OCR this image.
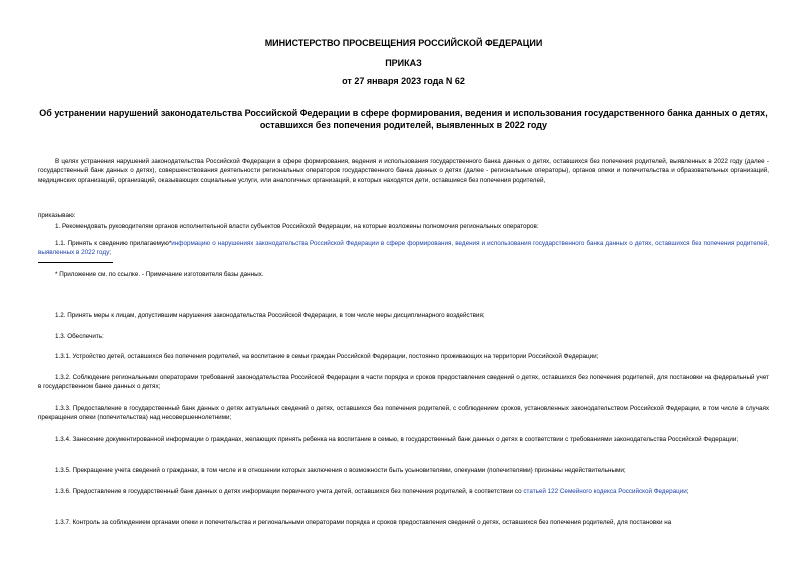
МИНИСТЕРСТВО ПРОСВЕЩЕНИЯ РОССИЙСКОЙ ФЕДЕРАЦИИ
ПРИКАЗ
от 27 января 2023 года N 62
Об устранении нарушений законодательства Российской Федерации в сфере формирования, ведения и использования государственного банка данных о детях, оставшихся без попечения родителей, выявленных в 2022 году
В целях устранения нарушений законодательства Российской Федерации в сфере формирования, ведения и использования государственного банка данных о детях, оставшихся без попечения родителей, выявленных в 2022 году (далее - государственный банк данных о детях), совершенствования деятельности региональных операторов государственного банка данных о детях (далее - региональные операторы), органов опеки и попечительства и образовательных организаций, медицинских организаций, организаций, оказывающих социальные услуги, или аналогичных организаций, в которых находятся дети, оставшиеся без попечения родителей,
приказываю:
1. Рекомендовать руководителям органов исполнительной власти субъектов Российской Федерации, на которые возложены полномочия региональных операторов:
1.1. Принять к сведению прилагаемую*информацию о нарушениях законодательства Российской Федерации в сфере формирования, ведения и использования государственного банка данных о детях, оставшихся без попечения родителей, выявленных в 2022 году;
* Приложение см. по ссылке. - Примечание изготовителя базы данных.
1.2. Принять меры к лицам, допустившим нарушения законодательства Российской Федерации, в том числе меры дисциплинарного воздействия;
1.3. Обеспечить:
1.3.1. Устройство детей, оставшихся без попечения родителей, на воспитание в семьи граждан Российской Федерации, постоянно проживающих на территории Российской Федерации;
1.3.2. Соблюдение региональными операторами требований законодательства Российской Федерации в части порядка и сроков предоставления сведений о детях, оставшихся без попечения родителей, для постановки на федеральный учет в государственном банке данных о детях;
1.3.3. Предоставление в государственный банк данных о детях актуальных сведений о детях, оставшихся без попечения родителей, с соблюдением сроков, установленных законодательством Российской Федерации, в том числе в случаях прекращения опеки (попечительства) над несовершеннолетними;
1.3.4. Занесение документированной информации о гражданах, желающих принять ребенка на воспитание в семью, в государственный банк данных о детях в соответствии с требованиями законодательства Российской Федерации;
1.3.5. Прекращение учета сведений о гражданах, в том числе и в отношении которых заключения о возможности быть усыновителями, опекунами (попечителями) признаны недействительными;
1.3.6. Предоставление в государственный банк данных о детях информации первичного учета детей, оставшихся без попечения родителей, в соответствии со статьей 122 Семейного кодекса Российской Федерации;
1.3.7. Контроль за соблюдением органами опеки и попечительства и региональными операторами порядка и сроков предоставления сведений о детях, оставшихся без попечения родителей, для постановки на
